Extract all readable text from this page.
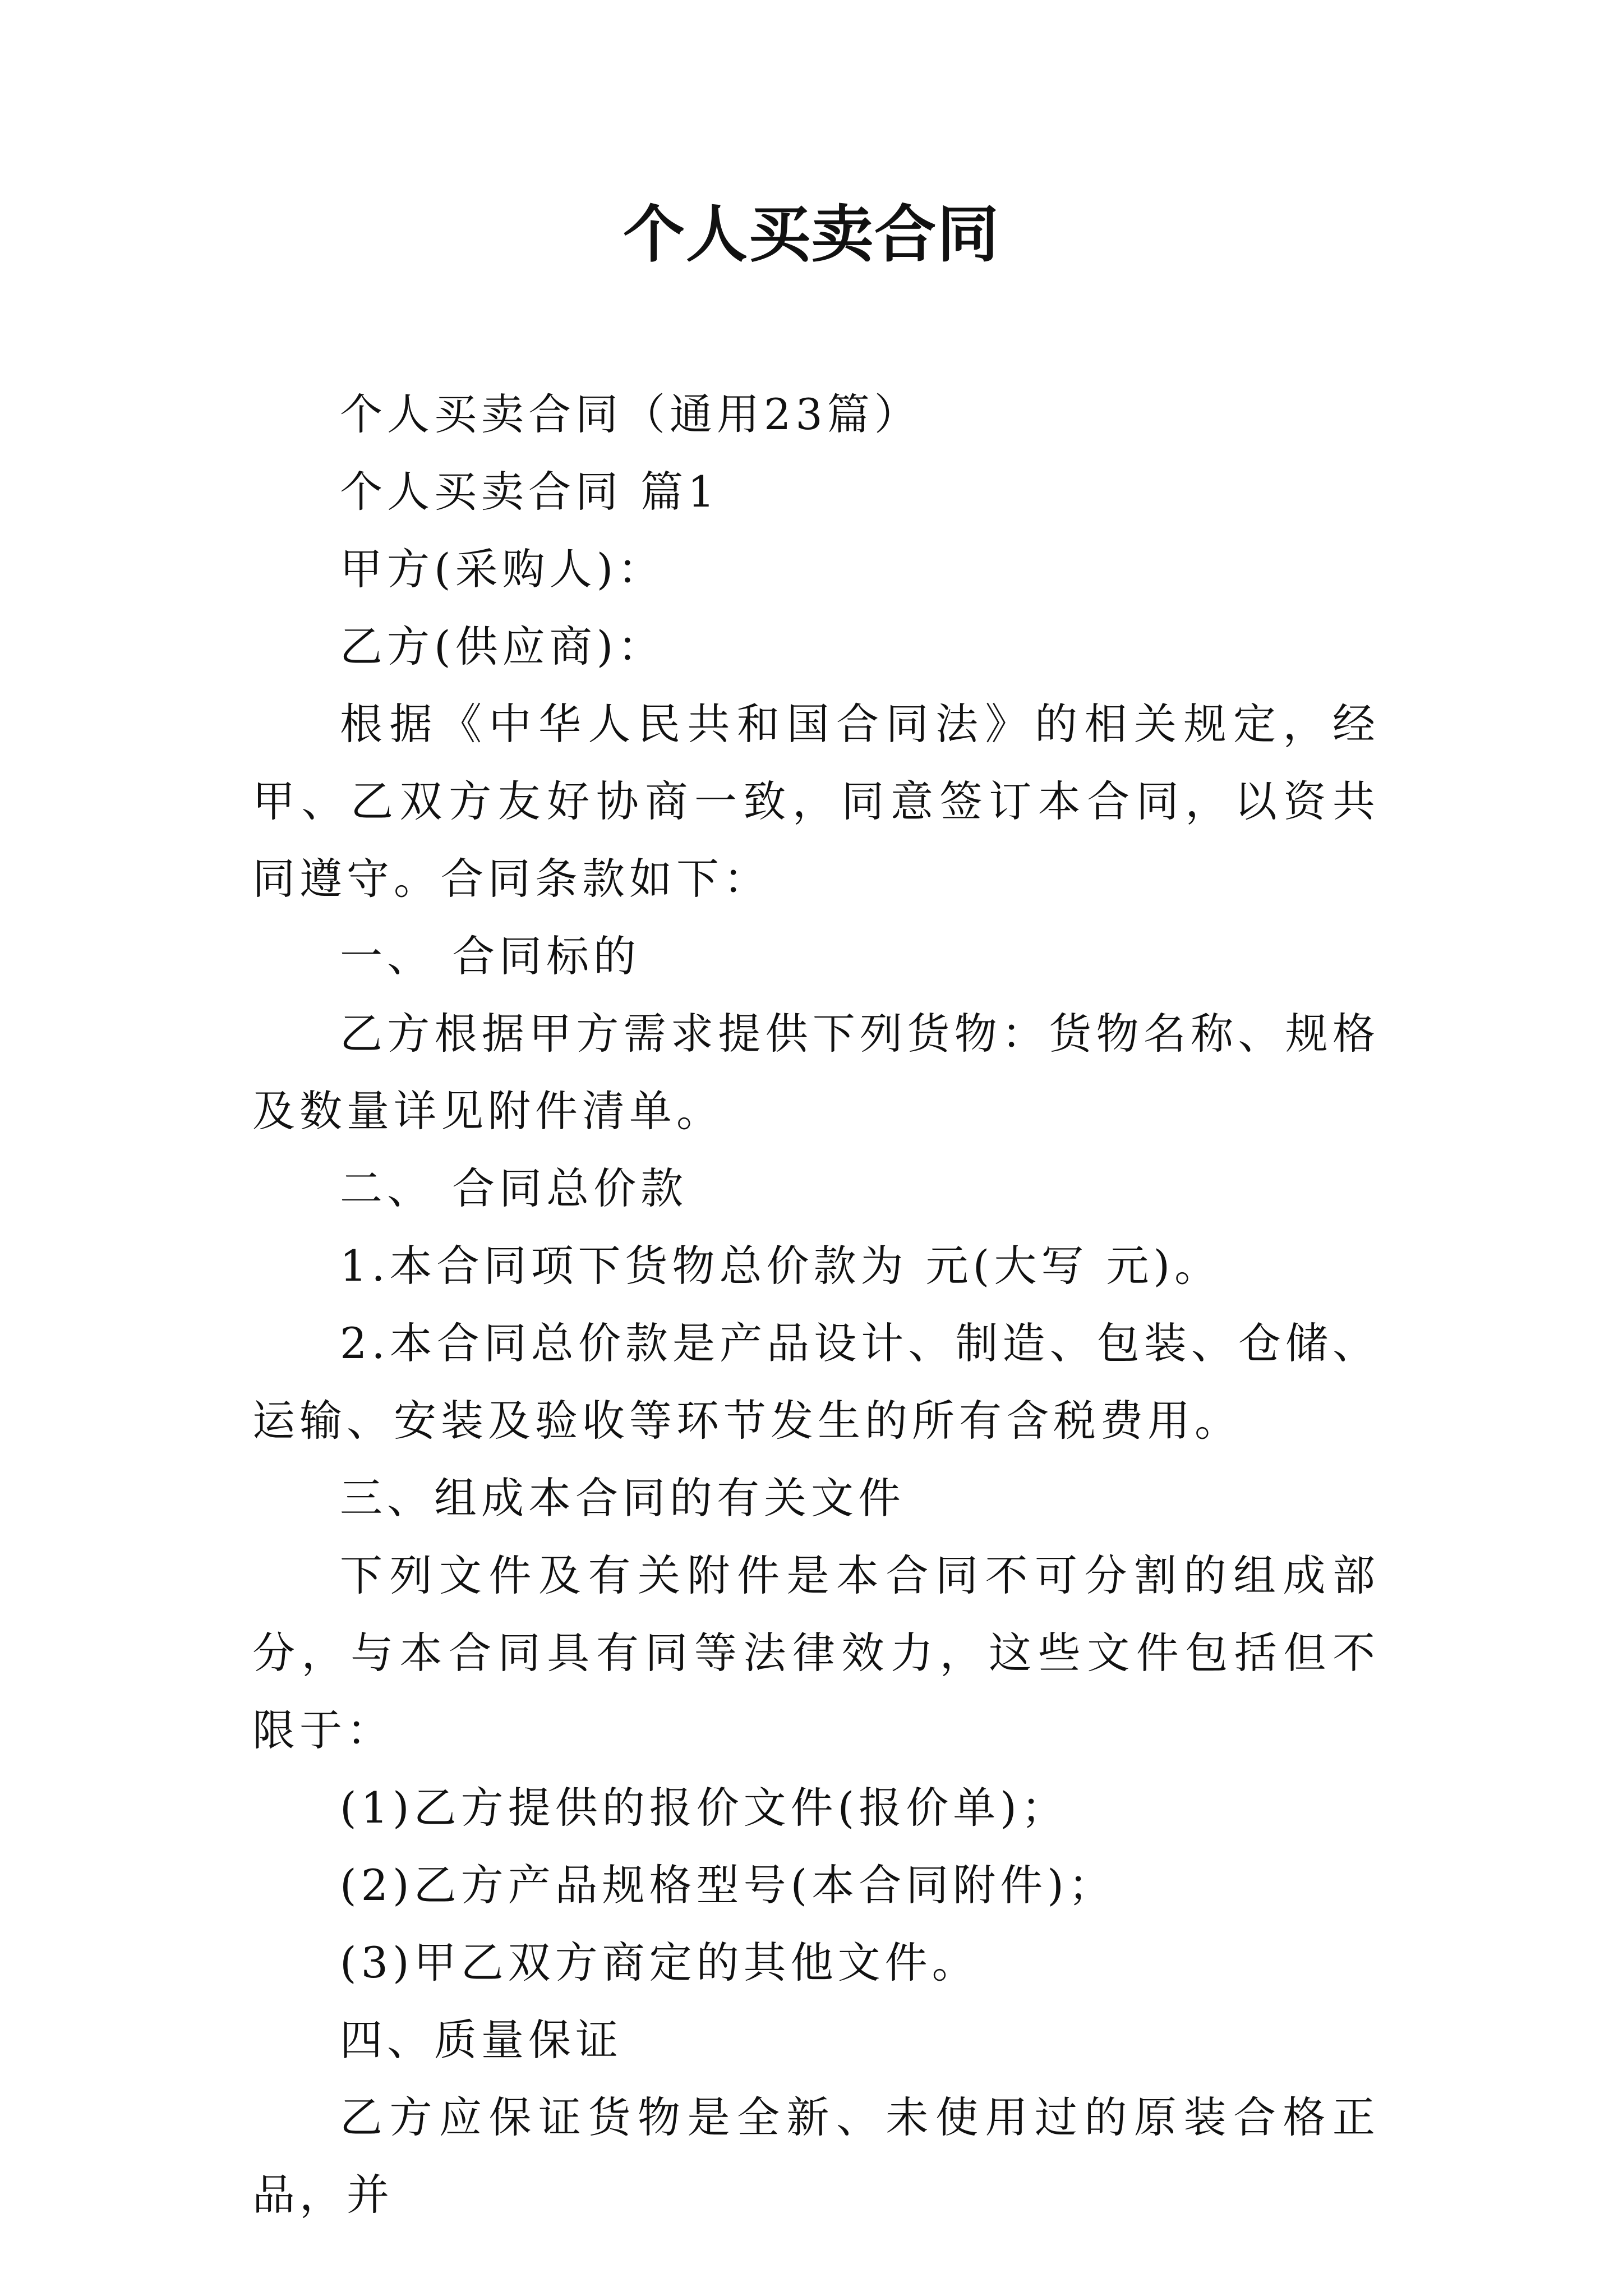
个人买卖合同

个人买卖合同（通用23篇）

个人买卖合同 篇1

甲方(采购人)：

乙方(供应商)：

根据《中华人民共和国合同法》的相关规定，经甲、乙双方友好协商一致，同意签订本合同，以资共同遵守。合同条款如下：

一、 合同标的

乙方根据甲方需求提供下列货物：货物名称、规格及数量详见附件清单。

二、 合同总价款

1.本合同项下货物总价款为 元(大写 元)。

2.本合同总价款是产品设计、制造、包装、仓储、运输、安装及验收等环节发生的所有含税费用。

三、组成本合同的有关文件

下列文件及有关附件是本合同不可分割的组成部分，与本合同具有同等法律效力，这些文件包括但不限于：

(1)乙方提供的报价文件(报价单)；

(2)乙方产品规格型号(本合同附件)；

(3)甲乙双方商定的其他文件。

四、质量保证

乙方应保证货物是全新、未使用过的原装合格正品，并
